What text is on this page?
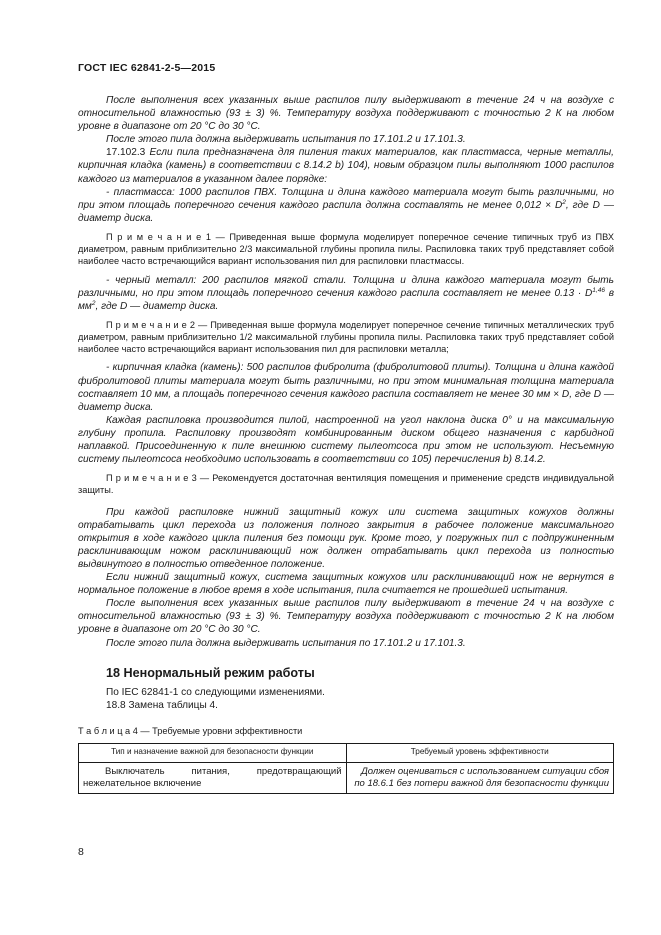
ГОСТ IEC 62841-2-5—2015

После выполнения всех указанных выше распилов пилу выдерживают в течение 24 ч на воздухе с относительной влажностью (93 ± 3) %. Температуру воздуха поддерживают с точностью 2 К на любом уровне в диапазоне от 20 °C до 30 °C.

После этого пила должна выдерживать испытания по 17.101.2 и 17.101.3.

17.102.3 Если пила предназначена для пиления таких материалов, как пластмасса, черные металлы, кирпичная кладка (камень) в соответствии с 8.14.2 b) 104), новым образцом пилы выполняют 1000 распилов каждого из материалов в указанном далее порядке:

- пластмасса: 1000 распилов ПВХ. Толщина и длина каждого материала могут быть различными, но при этом площадь поперечного сечения каждого распила должна составлять не менее $0,012 \times D^2$, где D — диаметр диска.

П р и м е ч а н и е 1 — Приведенная выше формула моделирует поперечное сечение типичных труб из ПВХ диаметром, равным приблизительно 2/3 максимальной глубины пропила пилы. Распиловка таких труб представляет собой наиболее часто встречающийся вариант использования пил для распиловки пластмассы.

- черный металл: 200 распилов мягкой стали. Толщина и длина каждого материала могут быть различными, но при этом площадь поперечного сечения каждого распила составляет не менее 0.13 · D$^{1,46}$ в $мм^2$, где D — диаметр диска.

П р и м е ч а н и е 2 — Приведенная выше формула моделирует поперечное сечение типичных металлических труб диаметром, равным приблизительно 1/2 максимальной глубины пропила пилы. Распиловка таких труб представляет собой наиболее часто встречающийся вариант использования пил для распиловки металла;

- кирпичная кладка (камень): 500 распилов фибролита (фибролитовой плиты). Толщина и длина каждой фибролитовой плиты материала могут быть различными, но при этом минимальная толщина материала составляет 10 мм, а площадь поперечного сечения каждого распила составляет не менее 30 мм × D, где D — диаметр диска.

Каждая распиловка производится пилой, настроенной на угол наклона диска 0° и на максимальную глубину пропила. Распиловку производят комбинированным диском общего назначения с карбидной наплавкой. Присоединенную к пиле внешнюю систему пылеотсоса при этом не используют. Несъемную систему пылеотсоса необходимо использовать в соответствии со 105) перечисления b) 8.14.2.

П р и м е ч а н и е 3 — Рекомендуется достаточная вентиляция помещения и применение средств индивидуальной защиты.

При каждой распиловке нижний защитный кожух или система защитных кожухов должны отрабатывать цикл перехода из положения полного закрытия в рабочее положение максимального открытия в ходе каждого цикла пиления без помощи рук. Кроме того, у погружных пил с подпружиненным расклинивающим ножом расклинивающий нож должен отрабатывать цикл перехода из полностью выдвинутого в полностью отведенное положение.

Если нижний защитный кожух, система защитных кожухов или расклинивающий нож не вернутся в нормальное положение в любое время в ходе испытания, пила считается не прошедшей испытания.

После выполнения всех указанных выше распилов пилу выдерживают в течение 24 ч на воздухе с относительной влажностью (93 ± 3) %. Температуру воздуха поддерживают с точностью 2 К на любом уровне в диапазоне от 20 °C до 30 °C.

После этого пила должна выдерживать испытания по 17.101.2 и 17.101.3.

18 Ненормальный режим работы

По IEC 62841-1 со следующими изменениями.

18.8 Замена таблицы 4.

Т а б л и ц а 4 — Требуемые уровни эффективности

Тип и назначение важной для безопасности функции	Требуемый уровень эффективности
Выключатель питания, предотвращающий нежелательное включение	Должен оцениваться с использованием ситуации сбоя по 18.6.1 без потери важной для безопасности функции
8
